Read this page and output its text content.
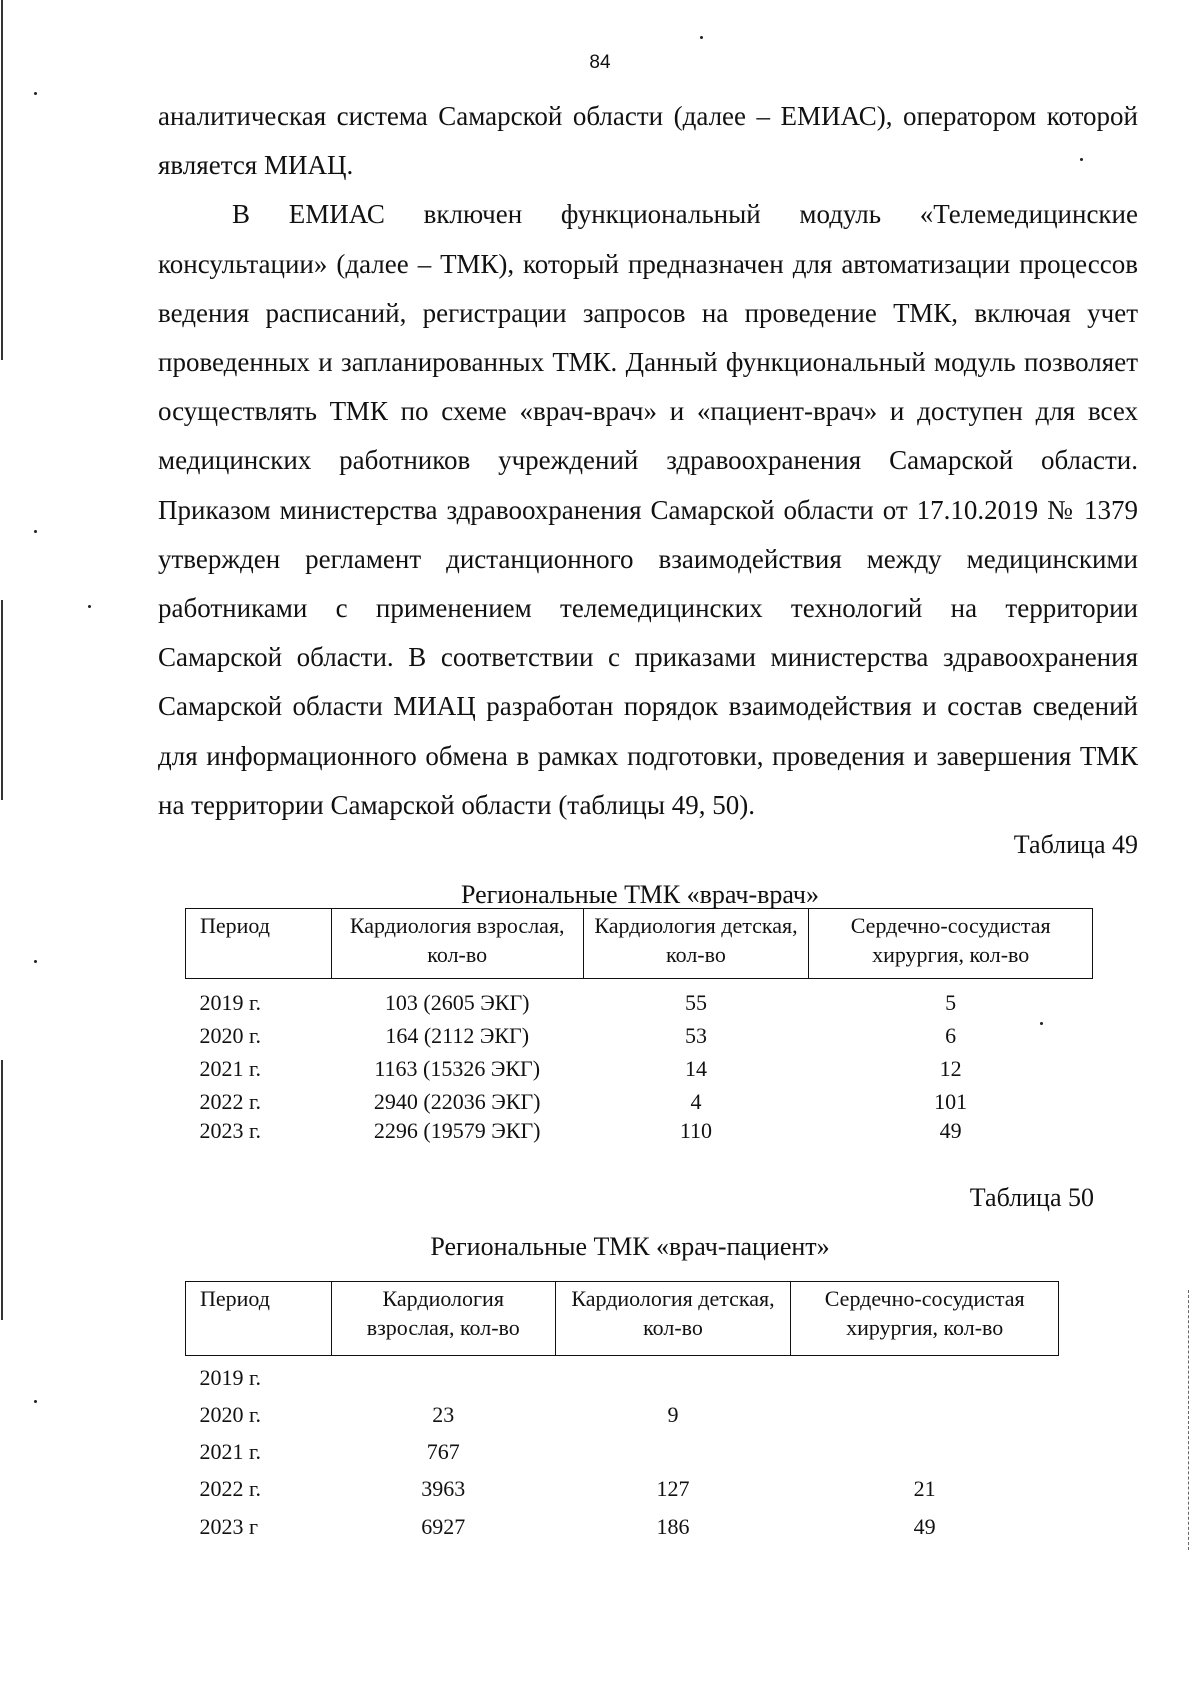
84

аналитическая система Самарской области (далее – ЕМИАС), оператором которой является МИАЦ.

В ЕМИАС включен функциональный модуль «Телемедицинские консультации» (далее – ТМК), который предназначен для автоматизации процессов ведения расписаний, регистрации запросов на проведение ТМК, включая учет проведенных и запланированных ТМК. Данный функциональный модуль позволяет осуществлять ТМК по схеме «врач-врач» и «пациент-врач» и доступен для всех медицинских работников учреждений здравоохранения Самарской области. Приказом министерства здравоохранения Самарской области от 17.10.2019 № 1379 утвержден регламент дистанционного взаимодействия между медицинскими работниками с применением телемедицинских технологий на территории Самарской области. В соответствии с приказами министерства здравоохранения Самарской области МИАЦ разработан порядок взаимодействия и состав сведений для информационного обмена в рамках подготовки, проведения и завершения ТМК на территории Самарской области (таблицы 49, 50).

Таблица 49
Региональные ТМК «врач-врач»
Период	Кардиология взрослая, кол-во	Кардиология детская, кол-во	Сердечно-сосудистая хирургия, кол-во
2019 г.	103 (2605 ЭКГ)	55	5
2020 г.	164 (2112 ЭКГ)	53	6
2021 г.	1163 (15326 ЭКГ)	14	12
2022 г.	2940 (22036 ЭКГ)	4	101
2023 г.	2296 (19579 ЭКГ)	110	49
Таблица 50
Региональные ТМК «врач-пациент»
Период	Кардиология взрослая, кол-во	Кардиология детская, кол-во	Сердечно-сосудистая хирургия, кол-во
2019 г.			
2020 г.	23	9	
2021 г.	767		
2022 г.	3963	127	21
2023 г	6927	186	49
